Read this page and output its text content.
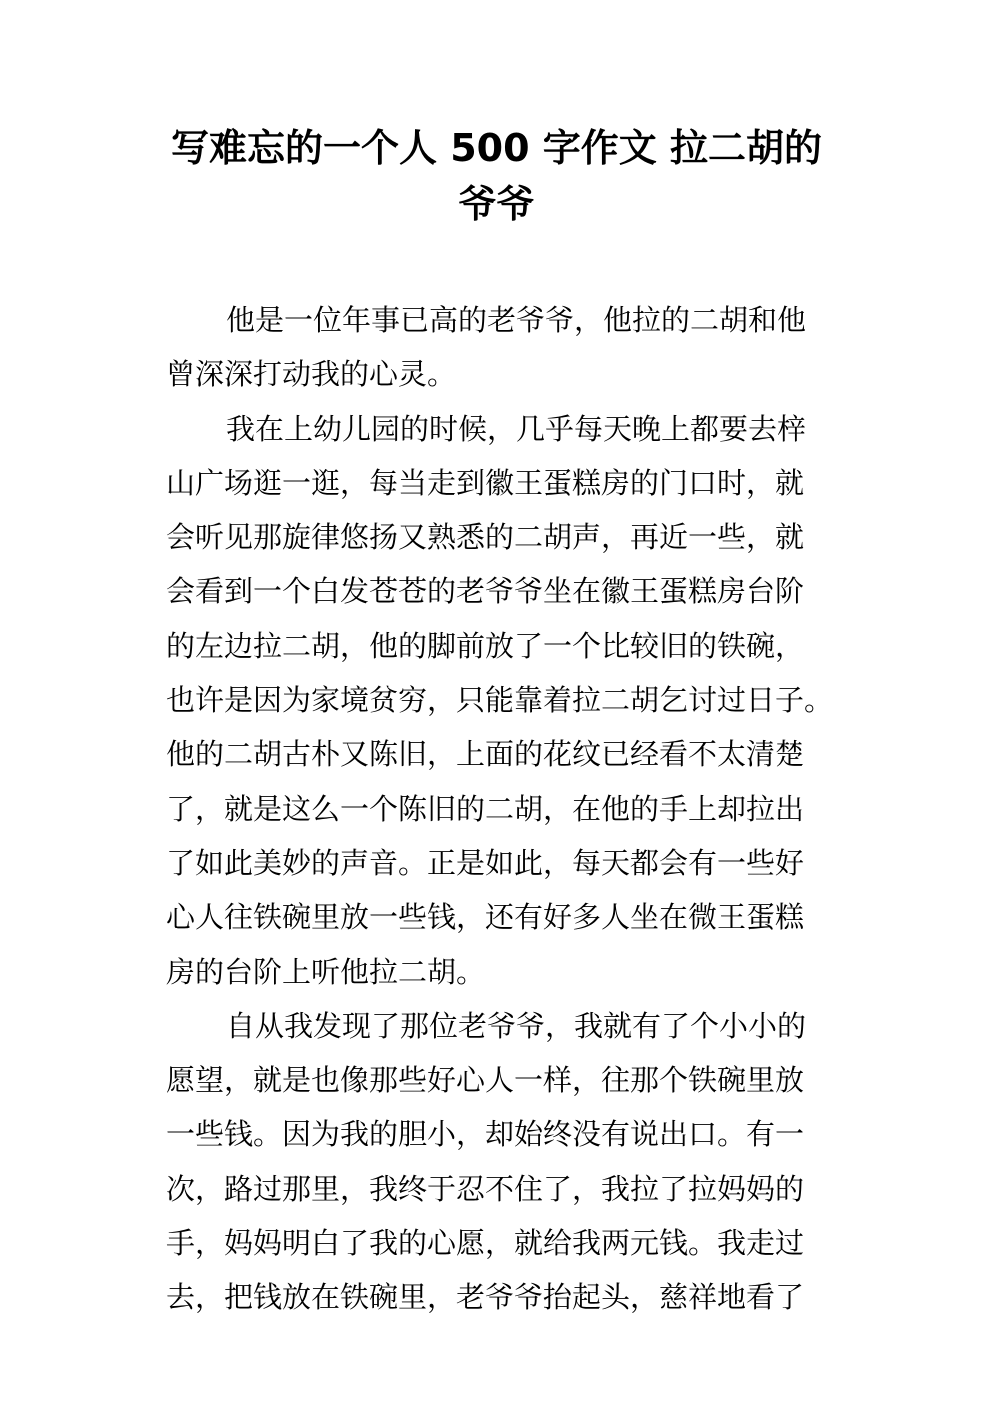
写难忘的一个人 500 字作文 拉二胡的
爷爷
他是一位年事已高的老爷爷，他拉的二胡和他
曾深深打动我的心灵。
我在上幼儿园的时候，几乎每天晚上都要去梓
山广场逛一逛，每当走到徽王蛋糕房的门口时，就
会听见那旋律悠扬又熟悉的二胡声，再近一些，就
会看到一个白发苍苍的老爷爷坐在徽王蛋糕房台阶
的左边拉二胡，他的脚前放了一个比较旧的铁碗，
也许是因为家境贫穷，只能靠着拉二胡乞讨过日子。
他的二胡古朴又陈旧，上面的花纹已经看不太清楚
了，就是这么一个陈旧的二胡，在他的手上却拉出
了如此美妙的声音。正是如此，每天都会有一些好
心人往铁碗里放一些钱，还有好多人坐在微王蛋糕
房的台阶上听他拉二胡。
自从我发现了那位老爷爷，我就有了个小小的
愿望，就是也像那些好心人一样，往那个铁碗里放
一些钱。因为我的胆小，却始终没有说出口。有一
次，路过那里，我终于忍不住了，我拉了拉妈妈的
手，妈妈明白了我的心愿，就给我两元钱。我走过
去，把钱放在铁碗里，老爷爷抬起头，慈祥地看了
